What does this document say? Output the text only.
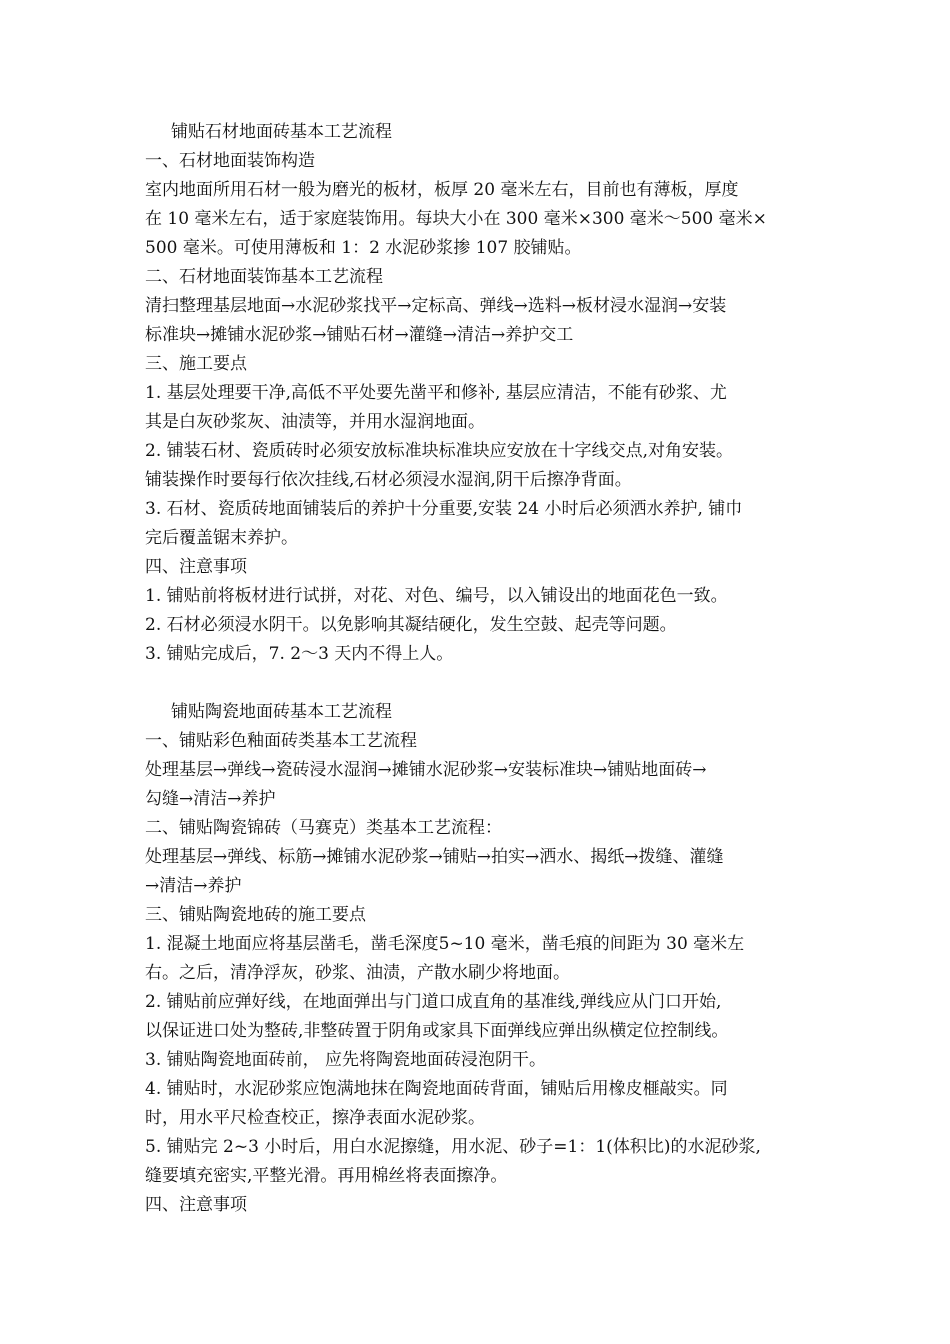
铺贴石材地面砖基本工艺流程
一、石材地面装饰构造
室内地面所用石材一般为磨光的板材，板厚 20 毫米左右，目前也有薄板，厚度
在 10 毫米左右，适于家庭装饰用。每块大小在 300 毫米×300 毫米～500 毫米×
500 毫米。可使用薄板和 1：2 水泥砂浆掺 107 胶铺贴。
二、石材地面装饰基本工艺流程
清扫整理基层地面→水泥砂浆找平→定标高、弹线→选料→板材浸水湿润→安装
标准块→摊铺水泥砂浆→铺贴石材→灌缝→清洁→养护交工
三、施工要点
1. 基层处理要干净,高低不平处要先凿平和修补, 基层应清洁，不能有砂浆、尤
其是白灰砂浆灰、油渍等，并用水湿润地面。
2. 铺装石材、瓷质砖时必须安放标准块标准块应安放在十字线交点,对角安装。
铺装操作时要每行依次挂线,石材必须浸水湿润,阴干后擦净背面。
3. 石材、瓷质砖地面铺装后的养护十分重要,安装 24 小时后必须洒水养护, 铺巾
完后覆盖锯末养护。
四、注意事项
1. 铺贴前将板材进行试拼，对花、对色、编号，以入铺设出的地面花色一致。
2. 石材必须浸水阴干。以免影响其凝结硬化，发生空鼓、起壳等问题。
3. 铺贴完成后，7. 2～3 天内不得上人。
铺贴陶瓷地面砖基本工艺流程
一、铺贴彩色釉面砖类基本工艺流程
处理基层→弹线→瓷砖浸水湿润→摊铺水泥砂浆→安装标准块→铺贴地面砖→
勾缝→清洁→养护
二、铺贴陶瓷锦砖（马赛克）类基本工艺流程：
处理基层→弹线、标筋→摊铺水泥砂浆→铺贴→拍实→洒水、揭纸→拨缝、灌缝
→清洁→养护
三、铺贴陶瓷地砖的施工要点
1. 混凝土地面应将基层凿毛，凿毛深度5~10 毫米，凿毛痕的间距为 30 毫米左
右。之后，清净浮灰，砂浆、油渍，产散水刷少将地面。
2. 铺贴前应弹好线，在地面弹出与门道口成直角的基准线,弹线应从门口开始,
以保证进口处为整砖,非整砖置于阴角或家具下面弹线应弹出纵横定位控制线。
3. 铺贴陶瓷地面砖前， 应先将陶瓷地面砖浸泡阴干。
4. 铺贴时，水泥砂浆应饱满地抹在陶瓷地面砖背面，铺贴后用橡皮榧敲实。同
时，用水平尺检查校正，擦净表面水泥砂浆。
5. 铺贴完 2~3 小时后，用白水泥擦缝，用水泥、砂子=1：1(体积比)的水泥砂浆,
缝要填充密实,平整光滑。再用棉丝将表面擦净。
四、注意事项
